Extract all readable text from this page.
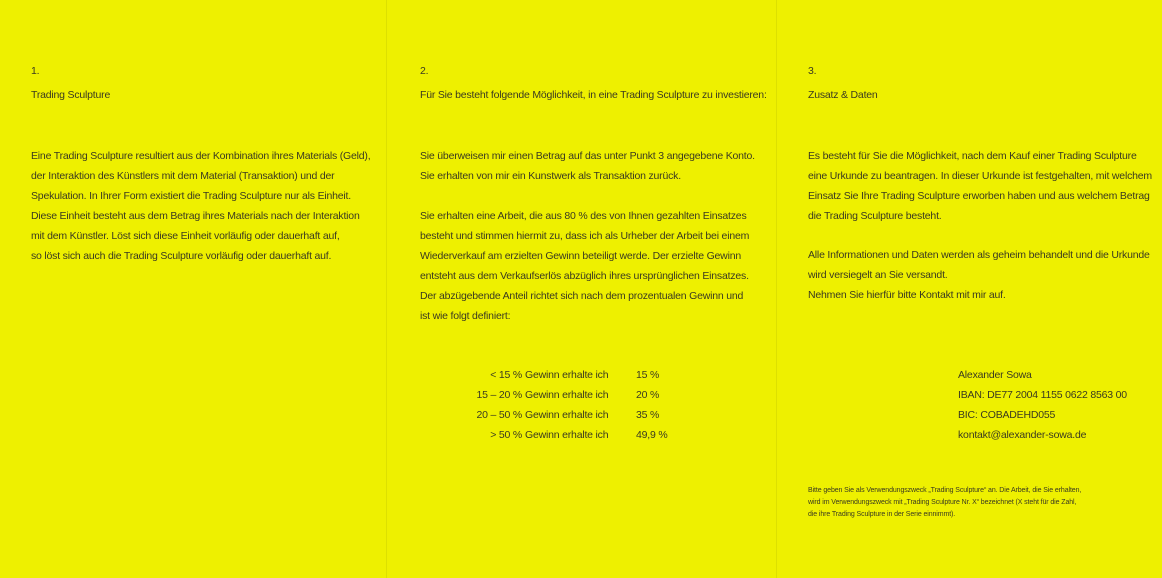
1.
Trading Sculpture
Eine Trading Sculpture resultiert aus der Kombination ihres Materials (Geld),
der Interaktion des Künstlers mit dem Material (Transaktion) und der
Spekulation. In Ihrer Form existiert die Trading Sculpture nur als Einheit.
Diese Einheit besteht aus dem Betrag ihres Materials nach der Interaktion
mit dem Künstler. Löst sich diese Einheit vorläufig oder dauerhaft auf,
so löst sich auch die Trading Sculpture vorläufig oder dauerhaft auf.
2.
Für Sie besteht folgende Möglichkeit, in eine Trading Sculpture zu investieren:
Sie überweisen mir einen Betrag auf das unter Punkt 3 angegebene Konto.
Sie erhalten von mir ein Kunstwerk als Transaktion zurück.
Sie erhalten eine Arbeit, die aus 80 % des von Ihnen gezahlten Einsatzes
besteht und stimmen hiermit zu, dass ich als Urheber der Arbeit bei einem
Wiederverkauf am erzielten Gewinn beteiligt werde. Der erzielte Gewinn
entsteht aus dem Verkaufserlös abzüglich ihres ursprünglichen Einsatzes.
Der abzügebende Anteil richtet sich nach dem prozentualen Gewinn und
ist wie folgt definiert:
< 15 % Gewinn erhalte ich	15 %
15 – 20 % Gewinn erhalte ich	20 %
20 – 50 % Gewinn erhalte ich	35 %
> 50 % Gewinn erhalte ich	49,9 %
3.
Zusatz & Daten
Es besteht für Sie die Möglichkeit, nach dem Kauf einer Trading Sculpture
eine Urkunde zu beantragen. In dieser Urkunde ist festgehalten, mit welchem
Einsatz Sie Ihre Trading Sculpture erworben haben und aus welchem Betrag
die Trading Sculpture besteht.
Alle Informationen und Daten werden als geheim behandelt und die Urkunde
wird versiegelt an Sie versandt.
Nehmen Sie hierfür bitte Kontakt mit mir auf.
Alexander Sowa
IBAN: DE77 2004 1155 0622 8563 00
BIC: COBADEHD055
kontakt@alexander-sowa.de
Bitte geben Sie als Verwendungszweck „Trading Sculpture“ an. Die Arbeit, die Sie erhalten,
wird im Verwendungszweck mit „Trading Sculpture Nr. X“ bezeichnet (X steht für die Zahl,
die ihre Trading Sculpture in der Serie einnimmt).
